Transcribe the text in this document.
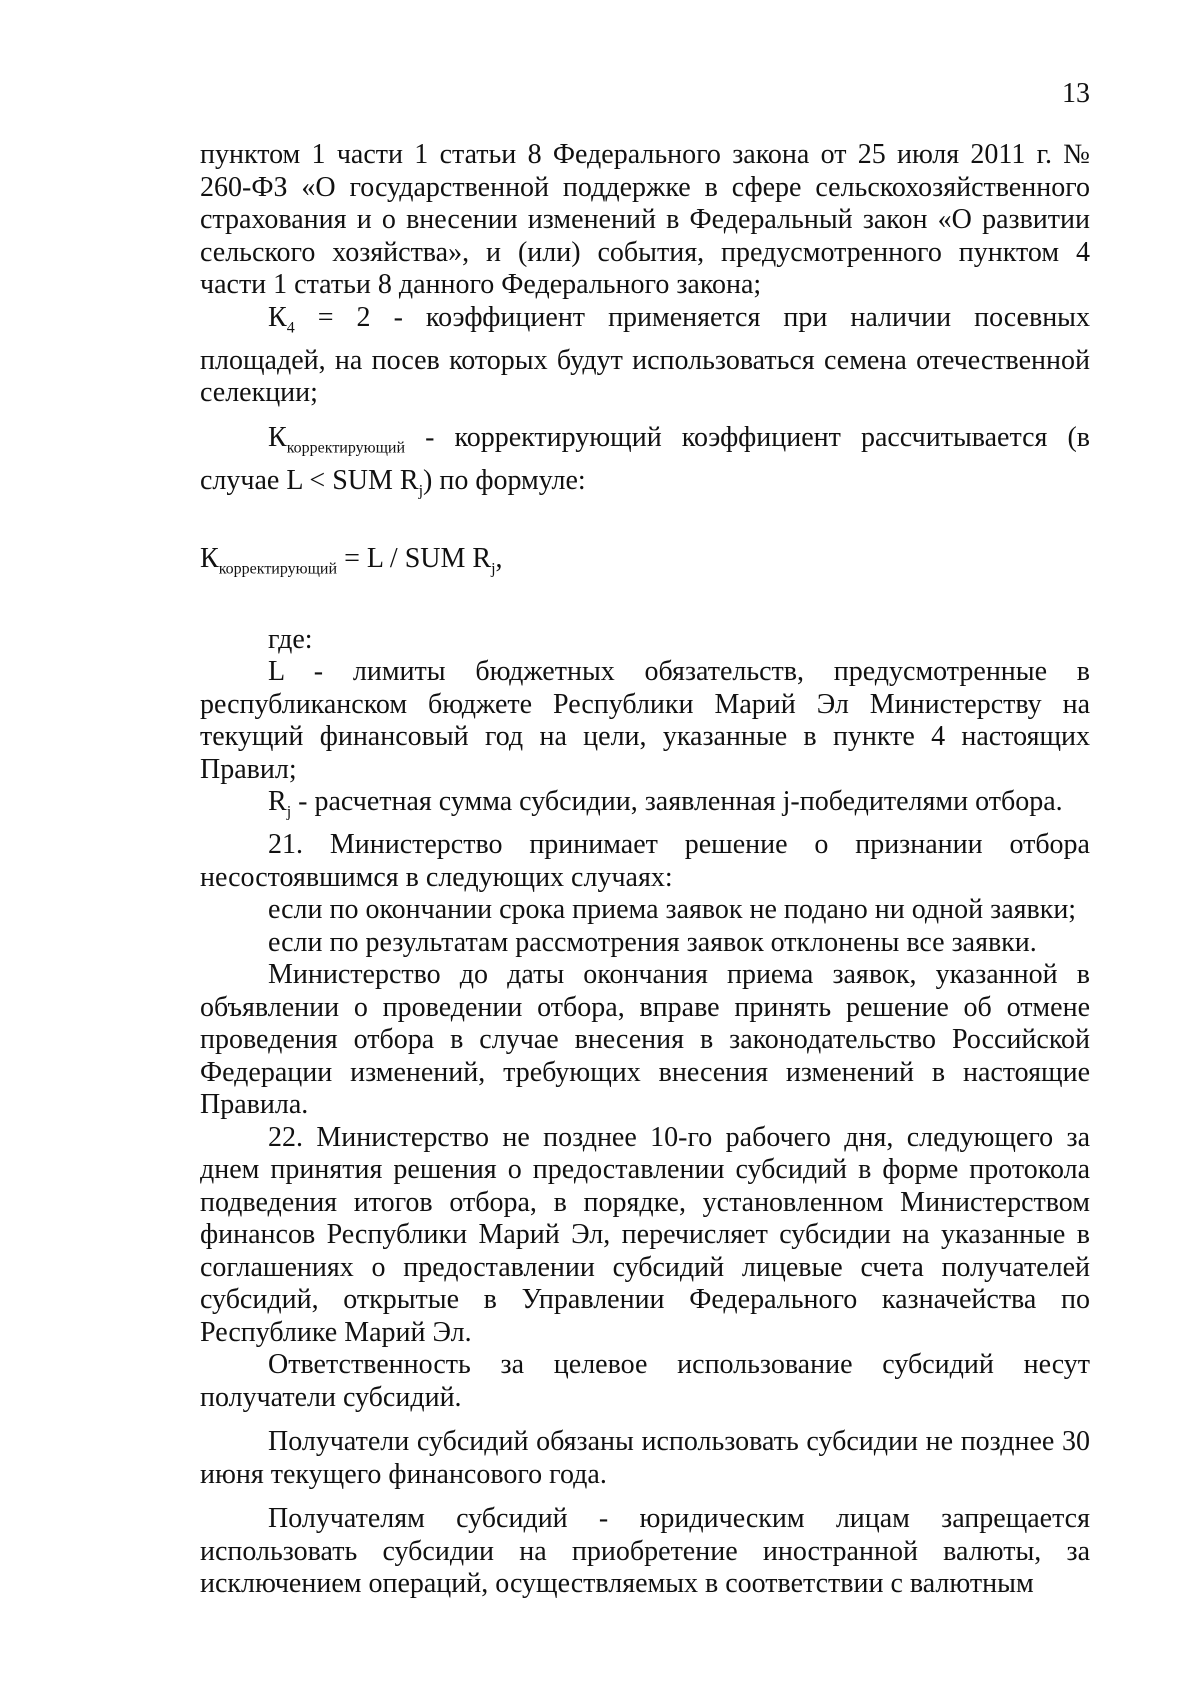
13

пунктом 1 части 1 статьи 8 Федерального закона от 25 июля 2011 г. № 260-ФЗ «О государственной поддержке в сфере сельскохозяйственного страхования и о внесении изменений в Федеральный закон «О развитии сельского хозяйства», и (или) события, предусмотренного пунктом 4 части 1 статьи 8 данного Федерального закона;

$К_4 = 2$ - коэффициент применяется при наличии посевных площадей, на посев которых будут использоваться семена отечественной селекции;

$К_{корректирующий}$ - корректирующий коэффициент рассчитывается (в случае L < SUM $R_j$) по формуле:

$К_{корректирующий} = L$ / SUM $R_j$,

где:

L - лимиты бюджетных обязательств, предусмотренные в республиканском бюджете Республики Марий Эл Министерству на текущий финансовый год на цели, указанные в пункте 4 настоящих Правил;

$R_j$ - расчетная сумма субсидии, заявленная j-победителями отбора.

21. Министерство принимает решение о признании отбора несостоявшимся в следующих случаях:

если по окончании срока приема заявок не подано ни одной заявки;

если по результатам рассмотрения заявок отклонены все заявки.

Министерство до даты окончания приема заявок, указанной в объявлении о проведении отбора, вправе принять решение об отмене проведения отбора в случае внесения в законодательство Российской Федерации изменений, требующих внесения изменений в настоящие Правила.

22. Министерство не позднее 10-го рабочего дня, следующего за днем принятия решения о предоставлении субсидий в форме протокола подведения итогов отбора, в порядке, установленном Министерством финансов Республики Марий Эл, перечисляет субсидии на указанные в соглашениях о предоставлении субсидий лицевые счета получателей субсидий, открытые в Управлении Федерального казначейства по Республике Марий Эл.

Ответственность за целевое использование субсидий несут получатели субсидий.

Получатели субсидий обязаны использовать субсидии не позднее 30 июня текущего финансового года.

Получателям субсидий - юридическим лицам запрещается использовать субсидии на приобретение иностранной валюты, за исключением операций, осуществляемых в соответствии с валютным
